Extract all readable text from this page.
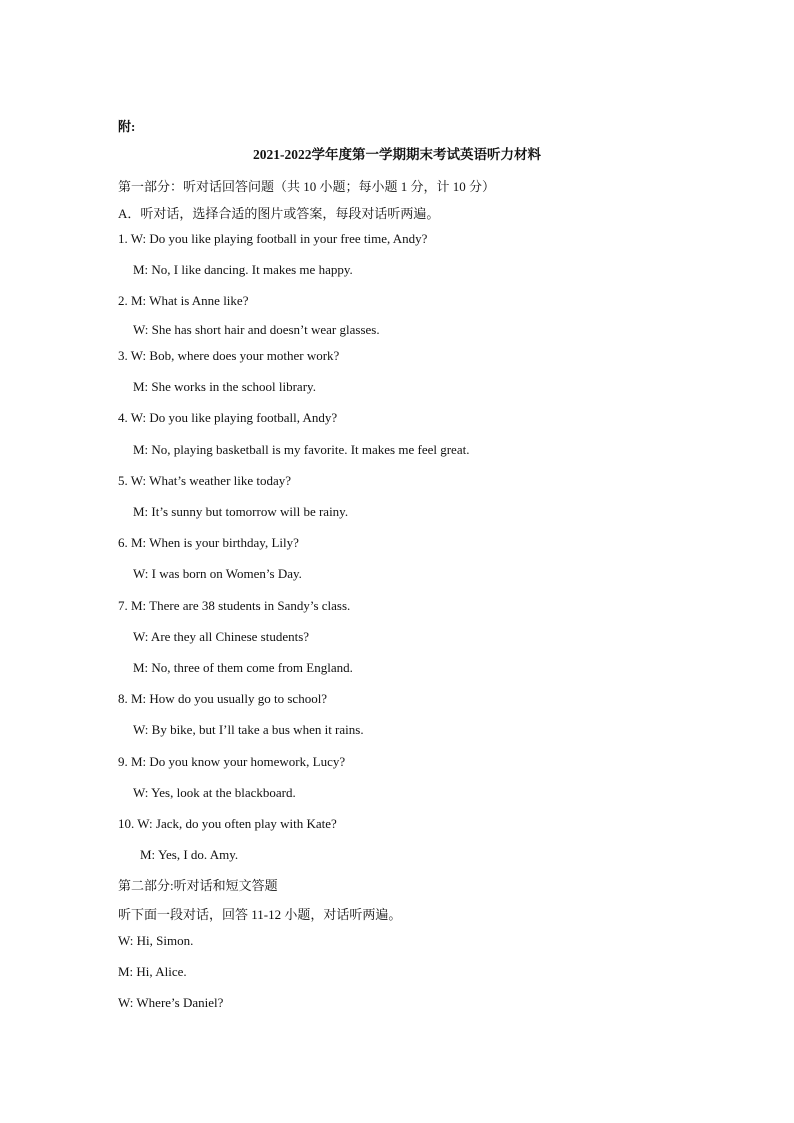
附:
2021-2022学年度第一学期期末考试英语听力材料
第一部分：听对话回答问题（共 10 小题；每小题 1 分，计 10 分）
A．听对话，选择合适的图片或答案，每段对话听两遍。
1. W: Do you like playing football in your free time, Andy?
M: No, I like dancing. It makes me happy.
2. M: What is Anne like?
W: She has short hair and doesn’t wear glasses.
3. W: Bob, where does your mother work?
M: She works in the school library.
4. W: Do you like playing football, Andy?
M: No, playing basketball is my favorite. It makes me feel great.
5. W: What’s weather like today?
M: It’s sunny but tomorrow will be rainy.
6. M: When is your birthday, Lily?
W: I was born on Women’s Day.
7. M: There are 38 students in Sandy’s class.
W: Are they all Chinese students?
M: No, three of them come from England.
8. M: How do you usually go to school?
W: By bike, but I’ll take a bus when it rains.
9. M: Do you know your homework, Lucy?
W: Yes, look at the blackboard.
10. W: Jack, do you often play with Kate?
M: Yes, I do. Amy.
第二部分:听对话和短文答题
听下面一段对话，回答 11-12 小题，对话听两遍。
W: Hi, Simon.
M: Hi, Alice.
W: Where’s Daniel?
